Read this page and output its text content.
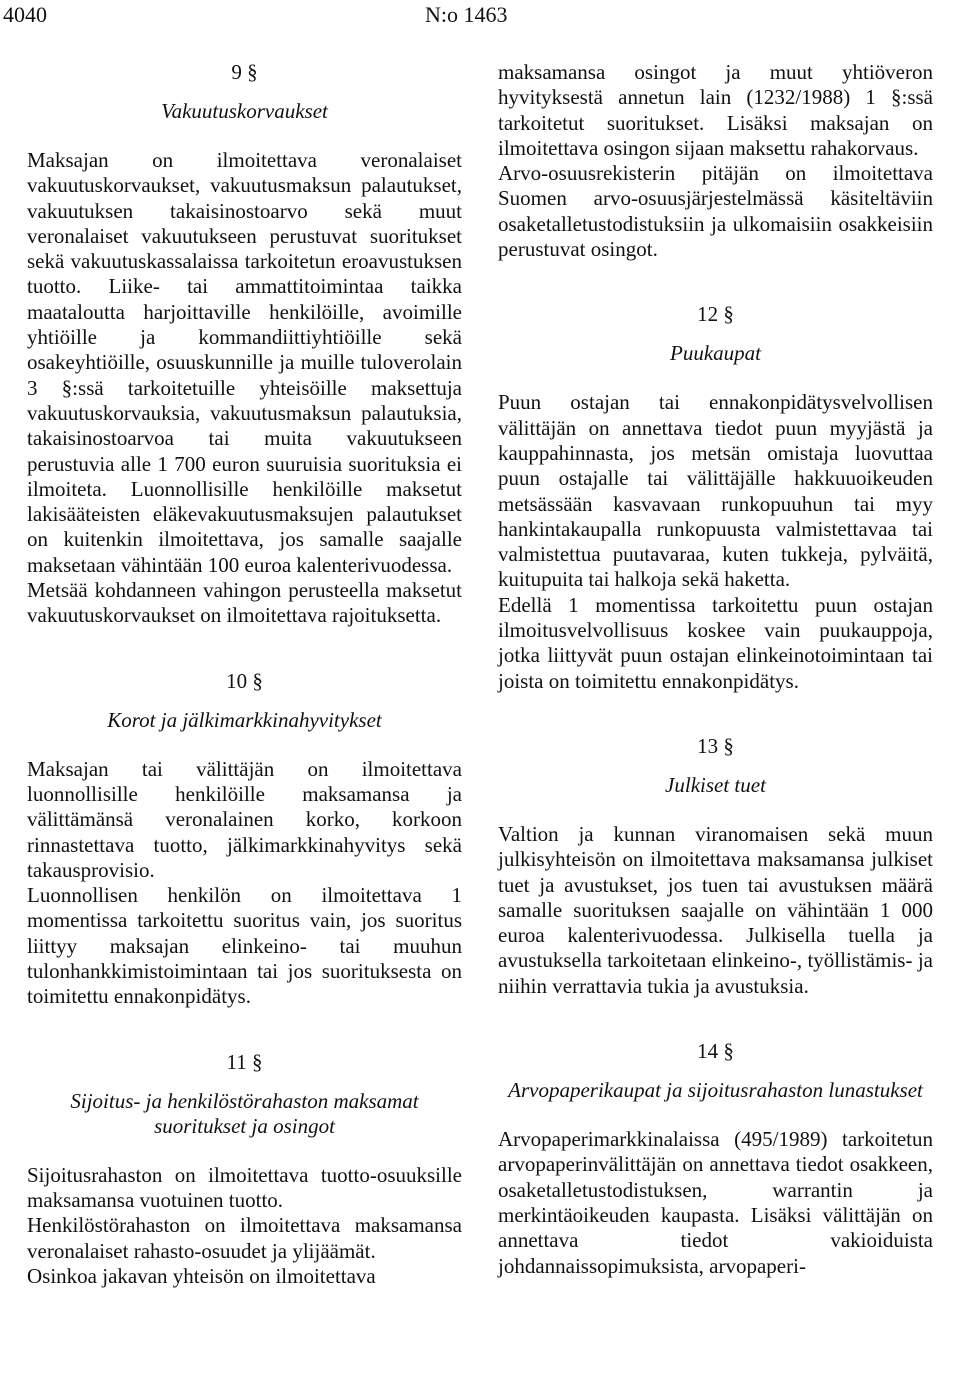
4040	N:o 1463

9 §

Vakuutuskorvaukset

Maksajan on ilmoitettava veronalaiset vakuutuskorvaukset, vakuutusmaksun palautukset, vakuutuksen takaisinostoarvo sekä muut veronalaiset vakuutukseen perustuvat suoritukset sekä vakuutuskassalaissa tarkoitetun eroavustuksen tuotto. Liike- tai ammattitoimintaa taikka maataloutta harjoittaville henkilöille, avoimille yhtiöille ja kommandiittiyhtiöille sekä osakeyhtiöille, osuuskunnille ja muille tuloverolain 3 §:ssä tarkoitetuille yhteisöille maksettuja vakuutuskorvauksia, vakuutusmaksun palautuksia, takaisinostoarvoa tai muita vakuutukseen perustuvia alle 1 700 euron suuruisia suorituksia ei ilmoiteta. Luonnollisille henkilöille maksetut lakisääteisten eläkevakuutusmaksujen palautukset on kuitenkin ilmoitettava, jos samalle saajalle maksetaan vähintään 100 euroa kalenterivuodessa.

Metsää kohdanneen vahingon perusteella maksetut vakuutuskorvaukset on ilmoitettava rajoituksetta.

10 §

Korot ja jälkimarkkinahyvitykset

Maksajan tai välittäjän on ilmoitettava luonnollisille henkilöille maksamansa ja välittämänsä veronalainen korko, korkoon rinnastettava tuotto, jälkimarkkinahyvitys sekä takausprovisio.

Luonnollisen henkilön on ilmoitettava 1 momentissa tarkoitettu suoritus vain, jos suoritus liittyy maksajan elinkeino- tai muuhun tulonhankkimistoimintaan tai jos suorituksesta on toimitettu ennakonpidätys.

11 §

Sijoitus- ja henkilöstörahaston maksamat suoritukset ja osingot

Sijoitusrahaston on ilmoitettava tuotto-osuuksille maksamansa vuotuinen tuotto.

Henkilöstörahaston on ilmoitettava maksamansa veronalaiset rahasto-osuudet ja ylijäämät.

Osinkoa jakavan yhteisön on ilmoitettava

maksamansa osingot ja muut yhtiöveron hyvityksestä annetun lain (1232/1988) 1 §:ssä tarkoitetut suoritukset. Lisäksi maksajan on ilmoitettava osingon sijaan maksettu rahakorvaus.

Arvo-osuusrekisterin pitäjän on ilmoitettava Suomen arvo-osuusjärjestelmässä käsiteltäviin osaketalletustodistuksiin ja ulkomaisiin osakkeisiin perustuvat osingot.

12 §

Puukaupat

Puun ostajan tai ennakonpidätysvelvollisen välittäjän on annettava tiedot puun myyjästä ja kauppahinnasta, jos metsän omistaja luovuttaa puun ostajalle tai välittäjälle hakkuuoikeuden metsässään kasvavaan runkopuuhun tai myy hankintakaupalla runkopuusta valmistettavaa tai valmistettua puutavaraa, kuten tukkeja, pylväitä, kuitupuita tai halkoja sekä haketta.

Edellä 1 momentissa tarkoitettu puun ostajan ilmoitusvelvollisuus koskee vain puukauppoja, jotka liittyvät puun ostajan elinkeinotoimintaan tai joista on toimitettu ennakonpidätys.

13 §

Julkiset tuet

Valtion ja kunnan viranomaisen sekä muun julkisyhteisön on ilmoitettava maksamansa julkiset tuet ja avustukset, jos tuen tai avustuksen määrä samalle suorituksen saajalle on vähintään 1 000 euroa kalenterivuodessa. Julkisella tuella ja avustuksella tarkoitetaan elinkeino-, työllistämis- ja niihin verrattavia tukia ja avustuksia.

14 §

Arvopaperikaupat ja sijoitusrahaston lunastukset

Arvopaperimarkkinalaissa (495/1989) tarkoitetun arvopaperinvälittäjän on annettava tiedot osakkeen, osaketalletustodistuksen, warrantin ja merkintäoikeuden kaupasta. Lisäksi välittäjän on annettava tiedot vakioiduista johdannaissopimuksista, arvopaperi-
